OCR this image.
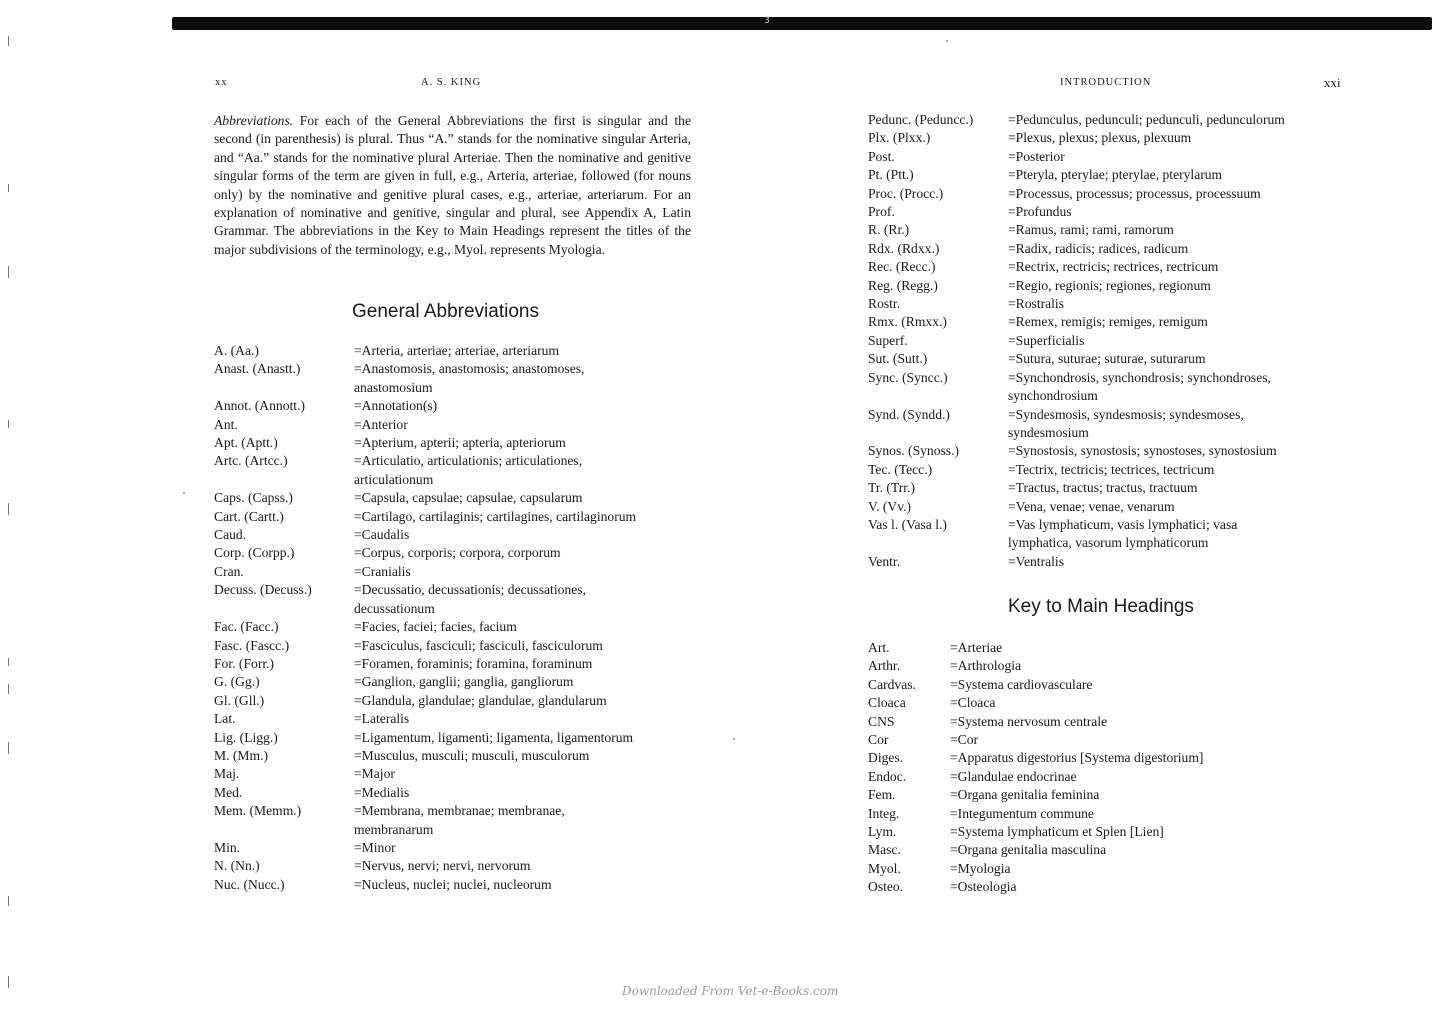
3
xx	A. S. KING	INTRODUCTION	xxi

Abbreviations. For each of the General Abbreviations the first is singular and the second (in parenthesis) is plural. Thus “A.” stands for the nominative singular Arteria, and “Aa.” stands for the nominative plural Arteriae. Then the nominative and genitive singular forms of the term are given in full, e.g., Arteria, arteriae, followed (for nouns only) by the nominative and genitive plural cases, e.g., arteriae, arteriarum. For an explanation of nominative and genitive, singular and plural, see Appendix A, Latin Grammar. The abbreviations in the Key to Main Headings represent the titles of the major subdivisions of the terminology, e.g., Myol. represents Myologia.

General Abbreviations
A. (Aa.)	=Arteria, arteriae; arteriae, arteriarum
Anast. (Anastt.)	=Anastomosis, anastomosis; anastomoses,
anastomosium
Annot. (Annott.)	=Annotation(s)
Ant.	=Anterior
Apt. (Aptt.)	=Apterium, apterii; apteria, apteriorum
Artc. (Artcc.)	=Articulatio, articulationis; articulationes,
articulationum
Caps. (Capss.)	=Capsula, capsulae; capsulae, capsularum
Cart. (Cartt.)	=Cartilago, cartilaginis; cartilagines, cartilaginorum
Caud.	=Caudalis
Corp. (Corpp.)	=Corpus, corporis; corpora, corporum
Cran.	=Cranialis
Decuss. (Decuss.)	=Decussatio, decussationis; decussationes,
decussationum
Fac. (Facc.)	=Facies, faciei; facies, facium
Fasc. (Fascc.)	=Fasciculus, fasciculi; fasciculi, fasciculorum
For. (Forr.)	=Foramen, foraminis; foramina, foraminum
G. (Gg.)	=Ganglion, ganglii; ganglia, gangliorum
Gl. (Gll.)	=Glandula, glandulae; glandulae, glandularum
Lat.	=Lateralis
Lig. (Ligg.)	=Ligamentum, ligamenti; ligamenta, ligamentorum
M. (Mm.)	=Musculus, musculi; musculi, musculorum
Maj.	=Major
Med.	=Medialis
Mem. (Memm.)	=Membrana, membranae; membranae,
membranarum
Min.	=Minor
N. (Nn.)	=Nervus, nervi; nervi, nervorum
Nuc. (Nucc.)	=Nucleus, nuclei; nuclei, nucleorum
Pedunc. (Peduncc.)	=Pedunculus, pedunculi; pedunculi, pedunculorum
Plx. (Plxx.)	=Plexus, plexus; plexus, plexuum
Post.	=Posterior
Pt. (Ptt.)	=Pteryla, pterylae; pterylae, pterylarum
Proc. (Procc.)	=Processus, processus; processus, processuum
Prof.	=Profundus
R. (Rr.)	=Ramus, rami; rami, ramorum
Rdx. (Rdxx.)	=Radix, radicis; radices, radicum
Rec. (Recc.)	=Rectrix, rectricis; rectrices, rectricum
Reg. (Regg.)	=Regio, regionis; regiones, regionum
Rostr.	=Rostralis
Rmx. (Rmxx.)	=Remex, remigis; remiges, remigum
Superf.	=Superficialis
Sut. (Sutt.)	=Sutura, suturae; suturae, suturarum
Sync. (Syncc.)	=Synchondrosis, synchondrosis; synchondroses,
synchondrosium
Synd. (Syndd.)	=Syndesmosis, syndesmosis; syndesmoses,
syndesmosium
Synos. (Synoss.)	=Synostosis, synostosis; synostoses, synostosium
Tec. (Tecc.)	=Tectrix, tectricis; tectrices, tectricum
Tr. (Trr.)	=Tractus, tractus; tractus, tractuum
V. (Vv.)	=Vena, venae; venae, venarum
Vas l. (Vasa l.)	=Vas lymphaticum, vasis lymphatici; vasa
lymphatica, vasorum lymphaticorum
Ventr.	=Ventralis
Key to Main Headings
Art.	=Arteriae
Arthr.	=Arthrologia
Cardvas.	=Systema cardiovasculare
Cloaca	=Cloaca
CNS	=Systema nervosum centrale
Cor	=Cor
Diges.	=Apparatus digestorius [Systema digestorium]
Endoc.	=Glandulae endocrinae
Fem.	=Organa genitalia feminina
Integ.	=Integumentum commune
Lym.	=Systema lymphaticum et Splen [Lien]
Masc.	=Organa genitalia masculina
Myol.	=Myologia
Osteo.	=Osteologia
Downloaded From Vet-e-Books.com
